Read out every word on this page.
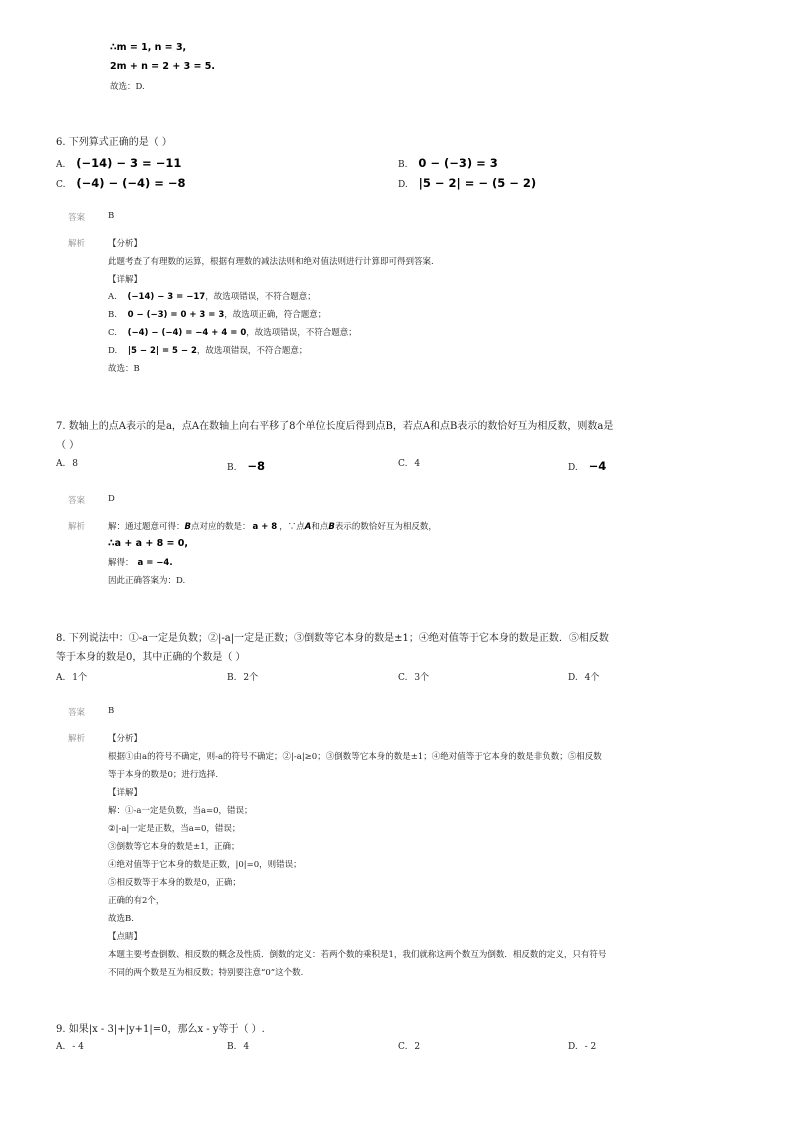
∴m = 1, n = 3,
2m + n = 2 + 3 = 5.
故选：D.
6. 下列算式正确的是（ ）
A. (−14) − 3 = −11	B. 0 − (−3) = 3
C. (−4) − (−4) = −8	D. |5 − 2| = − (5 − 2)
答案	B
解析	【分析】
此题考查了有理数的运算，根据有理数的减法法则和绝对值法则进行计算即可得到答案.
【详解】
A. (−14) − 3 = −17，故选项错误，不符合题意；
B. 0 − (−3) = 0 + 3 = 3，故选项正确，符合题意；
C. (−4) − (−4) = −4 + 4 = 0，故选项错误，不符合题意；
D. |5 − 2| = 5 − 2，故选项错误，不符合题意；
故选：B
7. 数轴上的点A表示的是a，点A在数轴上向右平移了8个单位长度后得到点B，若点A和点B表示的数恰好互为相反数，则数a是
（ ）
A. 8	B. −8	C. 4	D. −4
答案	D
解析	解：通过题意可得：B点对应的数是： a + 8 ，∵点A和点B表示的数恰好互为相反数，
∴a + a + 8 = 0,
解得： a = −4.
因此正确答案为：D.
8. 下列说法中：①-a一定是负数；②|-a|一定是正数；③倒数等它本身的数是±1；④绝对值等于它本身的数是正数．⑤相反数
等于本身的数是0，其中正确的个数是（ ）
A. 1个	B. 2个	C. 3个	D. 4个
答案	B
解析	【分析】
根据①由a的符号不确定，则-a的符号不确定；②|-a|≥0；③倒数等它本身的数是±1；④绝对值等于它本身的数是非负数；⑤相反数
等于本身的数是0；进行选择.
【详解】
解：①-a一定是负数，当a=0，错误；
②|-a|一定是正数，当a=0，错误；
③倒数等它本身的数是±1，正确；
④绝对值等于它本身的数是正数，|0|=0，则错误；
⑤相反数等于本身的数是0，正确；
正确的有2个，
故选B.
【点睛】
本题主要考查倒数、相反数的概念及性质．倒数的定义：若两个数的乘积是1，我们就称这两个数互为倒数．相反数的定义，只有符号
不同的两个数是互为相反数；特别要注意“0”这个数.
9. 如果|x - 3|+|y+1|=0，那么x - y等于（ ）.
A. - 4	B. 4	C. 2	D. - 2
